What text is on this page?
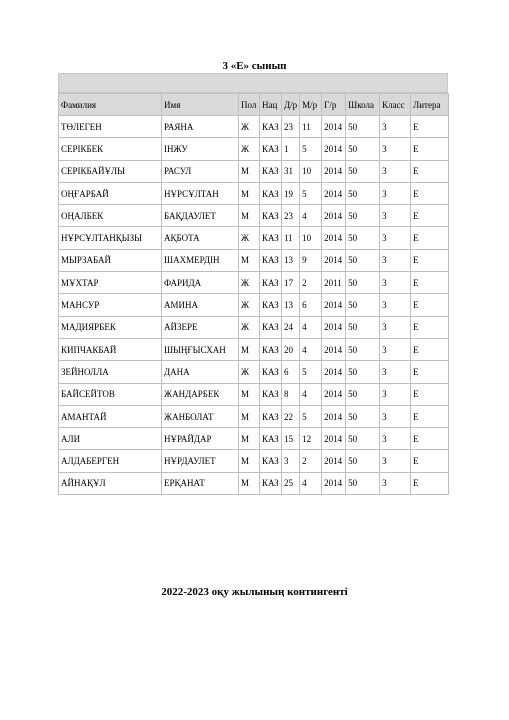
3 «Е» сынып
Фамилия	Имя	Пол	Нац	Д/р	М/р	Г/р	Школа	Класс	Литера
ТӨЛЕГЕН	РАЯНА	Ж	КАЗ	23	11	2014	50	3	Е
СЕРІКБЕК	ІНЖУ	Ж	КАЗ	1	5	2014	50	3	Е
СЕРІКБАЙҰЛЫ	РАСУЛ	М	КАЗ	31	10	2014	50	3	Е
ОҢҒАРБАЙ	НҰРСҰЛТАН	М	КАЗ	19	5	2014	50	3	Е
ОҢАЛБЕК	БАҚДАУЛЕТ	М	КАЗ	23	4	2014	50	3	Е
НҰРСҰЛТАНҚЫЗЫ	АҚБОТА	Ж	КАЗ	11	10	2014	50	3	Е
МЫРЗАБАЙ	ШАХМЕРДІН	М	КАЗ	13	9	2014	50	3	Е
МҰХТАР	ФАРИДА	Ж	КАЗ	17	2	2011	50	3	Е
МАНСУР	АМИНА	Ж	КАЗ	13	6	2014	50	3	Е
МАДИЯРБЕК	АЙЗЕРЕ	Ж	КАЗ	24	4	2014	50	3	Е
КИПЧАКБАЙ	ШЫҢҒЫСХАН	М	КАЗ	20	4	2014	50	3	Е
ЗЕЙНОЛЛА	ДАНА	Ж	КАЗ	6	5	2014	50	3	Е
БАЙСЕЙТОВ	ЖАНДАРБЕК	М	КАЗ	8	4	2014	50	3	Е
АМАНТАЙ	ЖАНБОЛАТ	М	КАЗ	22	5	2014	50	3	Е
АЛИ	НҰРАЙДАР	М	КАЗ	15	12	2014	50	3	Е
АЛДАБЕРГЕН	НҰРДАУЛЕТ	М	КАЗ	3	2	2014	50	3	Е
АЙНАҚҰЛ	ЕРҚАНАТ	М	КАЗ	25	4	2014	50	3	Е
2022-2023 оқу жылының контингенті
